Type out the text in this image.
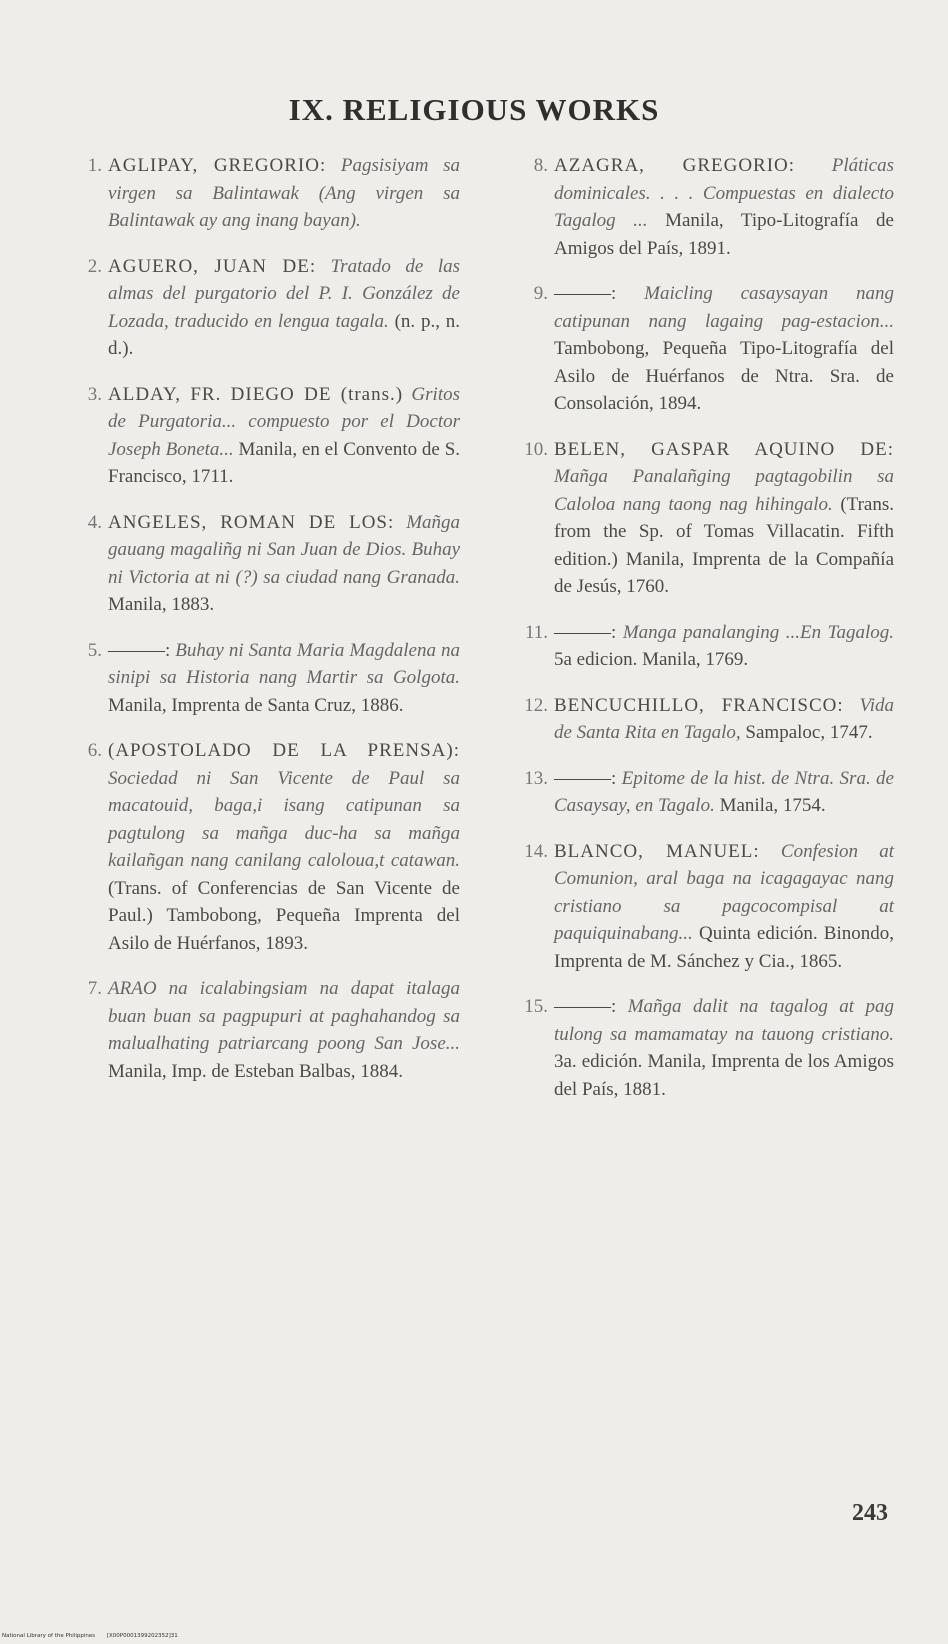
IX. RELIGIOUS WORKS
1. AGLIPAY, GREGORIO: Pagsisiyam sa virgen sa Balintawak (Ang virgen sa Balintawak ay ang inang bayan).
2. AGUERO, JUAN DE: Tratado de las almas del purgatorio del P. I. González de Lozada, traducido en lengua tagala. (n. p., n. d.).
3. ALDAY, FR. DIEGO DE (trans.) Gritos de Purgatoria... compuesto por el Doctor Joseph Boneta... Manila, en el Convento de S. Francisco, 1711.
4. ANGELES, ROMAN DE LOS: Mañga gauang magaliñg ni San Juan de Dios. Buhay ni Victoria at ni (?) sa ciudad nang Granada. Manila, 1883.
5. ———: Buhay ni Santa Maria Magdalena na sinipi sa Historia nang Martir sa Golgota. Manila, Imprenta de Santa Cruz, 1886.
6. (APOSTOLADO DE LA PRENSA): Sociedad ni San Vicente de Paul sa macatouid, baga,i isang catipunan sa pagtulong sa mañga duc-ha sa mañga kailañgan nang canilang caloloua,t catawan. (Trans. of Conferencias de San Vicente de Paul.) Tambobong, Pequeña Imprenta del Asilo de Huérfanos, 1893.
7. ARAO na icalabingsiam na dapat italaga buan buan sa pagpupuri at paghahandog sa malualhating patriarcang poong San Jose... Manila, Imp. de Esteban Balbas, 1884.
8. AZAGRA, GREGORIO: Pláticas dominicales. . . . Compuestas en dialecto Tagalog ... Manila, Tipo-Litografía de Amigos del País, 1891.
9. ———: Maicling casaysayan nang catipunan nang lagaing pag-estacion... Tambobong, Pequeña Tipo-Litografía del Asilo de Huérfanos de Ntra. Sra. de Consolación, 1894.
10. BELEN, GASPAR AQUINO DE: Mañga Panalañging pagtagobilin sa Caloloa nang taong nag hihingalo. (Trans. from the Sp. of Tomas Villacatin. Fifth edition.) Manila, Imprenta de la Compañía de Jesús, 1760.
11. ———: Manga panalanging ...En Tagalog. 5a edicion. Manila, 1769.
12. BENCUCHILLO, FRANCISCO: Vida de Santa Rita en Tagalo, Sampaloc, 1747.
13. ———: Epitome de la hist. de Ntra. Sra. de Casaysay, en Tagalo. Manila, 1754.
14. BLANCO, MANUEL: Confesion at Comunion, aral baga na icagagayac nang cristiano sa pagcocompisal at paquiquinabang... Quinta edición. Binondo, Imprenta de M. Sánchez y Cia., 1865.
15. ———: Mañga dalit na tagalog at pag tulong sa mamamatay na tauong cristiano. 3a. edición. Manila, Imprenta de los Amigos del País, 1881.
243
National Library of the Philippines [X00P0001399202352]31
